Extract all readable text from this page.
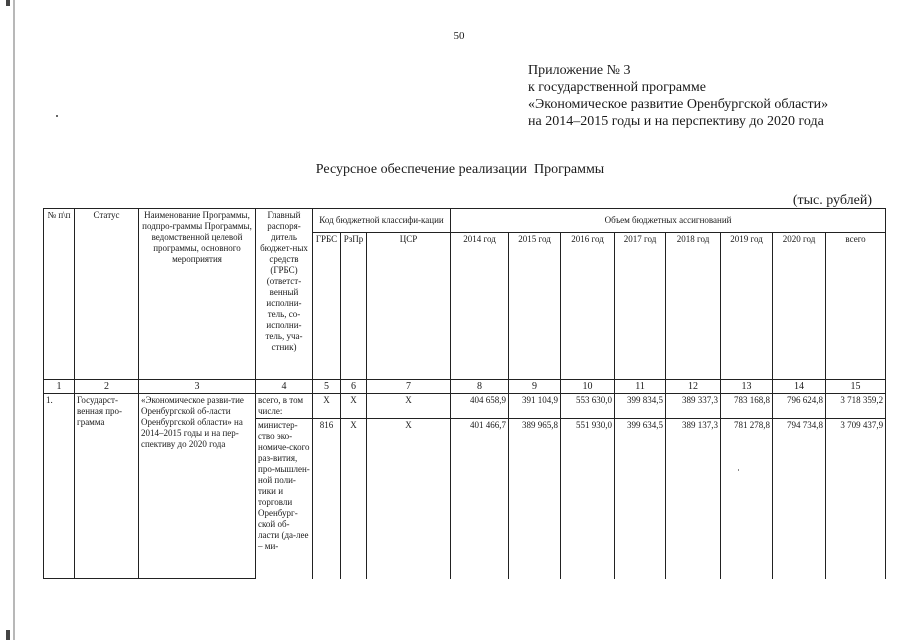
50
Приложение № 3
к государственной программе
«Экономическое развитие Оренбургской области»
на 2014–2015 годы и на перспективу до 2020 года
Ресурсное обеспечение реализации  Программы
(тыс. рублей)
№ п\п	Статус	Наименование Программы, подпро-граммы Программы, ведомственной целевой программы, основного мероприятия	Главный распоря-дитель бюджет-ных средств (ГРБС) (ответст-венный исполни-тель, со-исполни-тель, уча-стник)	Код бюджетной классифи-кации			Объем бюджетных ассигнований							
				ГРБС	РзПр	ЦСР	2014 год	2015 год	2016 год	2017 год	2018 год	2019 год	2020 год	всего
1	2	3	4	5	6	7	8	9	10	11	12	13	14	15
1.	Государст-венная про-грамма	«Экономическое разви-тие Оренбургской об-ласти Оренбургской области» на 2014–2015 годы и на пер-спективу до 2020 года	всего, в том числе:	Х	Х	Х	404 658,9	391 104,9	553 630,0	399 834,5	389 337,3	783 168,8	796 624,8	3 718 359,2
			министер-ство эко-номиче-ского раз-вития, про-мышлен-ной поли-тики и торговли Оренбург-ской об-ласти (да-лее – ми-	816	Х	Х	401 466,7	389 965,8	551 930,0	399 634,5	389 137,3	781 278,8	794 734,8	3 709 437,9
